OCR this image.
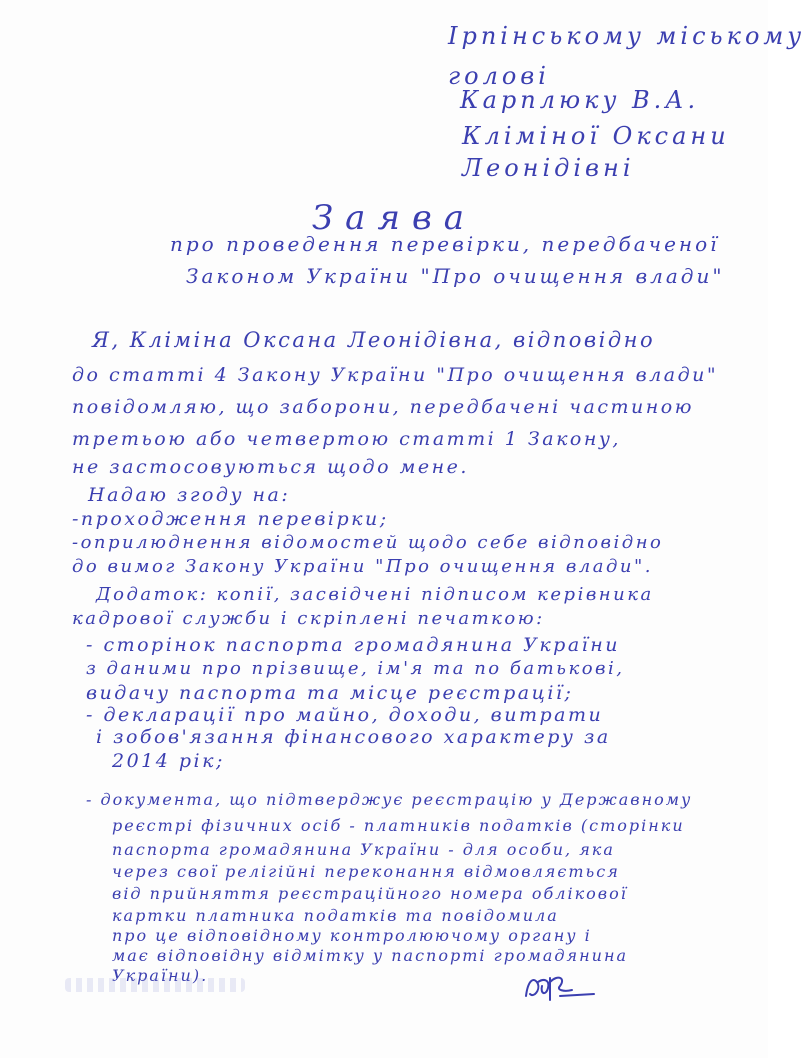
Ірпінському міському
голові
Карплюку В.А.
Кліміної Оксани
Леонідівні
Заява
про проведення перевірки, передбаченої
Законом України "Про очищення влади"
Я, Клімiна Оксана Леонідівна, відповідно
до статті 4 Закону України "Про очищення влади"
повідомляю, що заборони, передбачені частиною
третьою або четвертою статті 1 Закону,
не застосовуються щодо мене.
Надаю згоду на:
-проходження перевірки;
-оприлюднення відомостей щодо себе відповідно
до вимог Закону України "Про очищення влади".
Додаток: копії, засвідчені підписом керівника
кадрової служби і скріплені печаткою:
- сторінок паспорта громадянина України
з даними про прізвище, ім'я та по батькові,
видачу паспорта та місце реєстрації;
- декларації про майно, доходи, витрати
і зобов'язання фінансового характеру за
2014 рік;
- документа, що підтверджує реєстрацію у Державному
реєстрі фізичних осіб - платників податків (сторінки
паспорта громадянина України - для особи, яка
через свої релігійні переконання відмовляється
від прийняття реєстраційного номера облікової
картки платника податків та повідомила
про це відповідному контролюючому органу і
має відповідну відмітку у паспорті громадянина
України).
